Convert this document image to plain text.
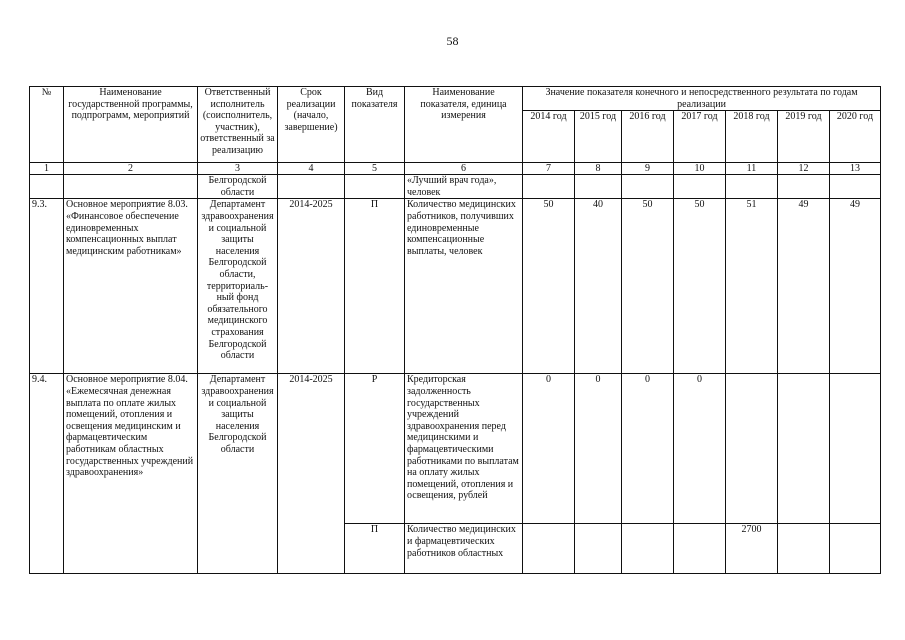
58
№	Наименование государственной программы, подпрограмм, мероприятий	Ответственный исполнитель (соисполнитель, участник), ответственный за реализацию	Срок реализации (начало, завершение)	Вид показателя	Наименование показателя, единица измерения	Значение показателя конечного и непосредственного результата по годам реализации						
						2014 год	2015 год	2016 год	2017 год	2018 год	2019 год	2020 год
1	2	3	4	5	6	7	8	9	10	11	12	13
		Белгородской области			«Лучший врач года», человек							
9.3.	Основное мероприятие 8.03. «Финансовое обеспечение единовременных компенсационных выплат медицинским работникам»	Департамент здравоохранения и социальной защиты населения Белгородской области, территориаль-ный фонд обязательного медицинского страхования Белгородской области	2014-2025	П	Количество медицинских работников, получивших единовременные компенсационные выплаты, человек	50	40	50	50	51	49	49
9.4.	Основное мероприятие 8.04. «Ежемесячная денежная выплата по оплате жилых помещений, отопления и освещения медицинским и фармацевтическим работникам областных государственных учреждений здравоохранения»	Департамент здравоохранения и социальной защиты населения Белгородской области	2014-2025	Р	Кредиторская задолженность государственных учреждений здравоохранения перед медицинскими и фармацевтическими работниками по выплатам на оплату жилых помещений, отопления и освещения, рублей	0	0	0	0			
				П	Количество медицинских и фармацевтических работников областных					2700		
